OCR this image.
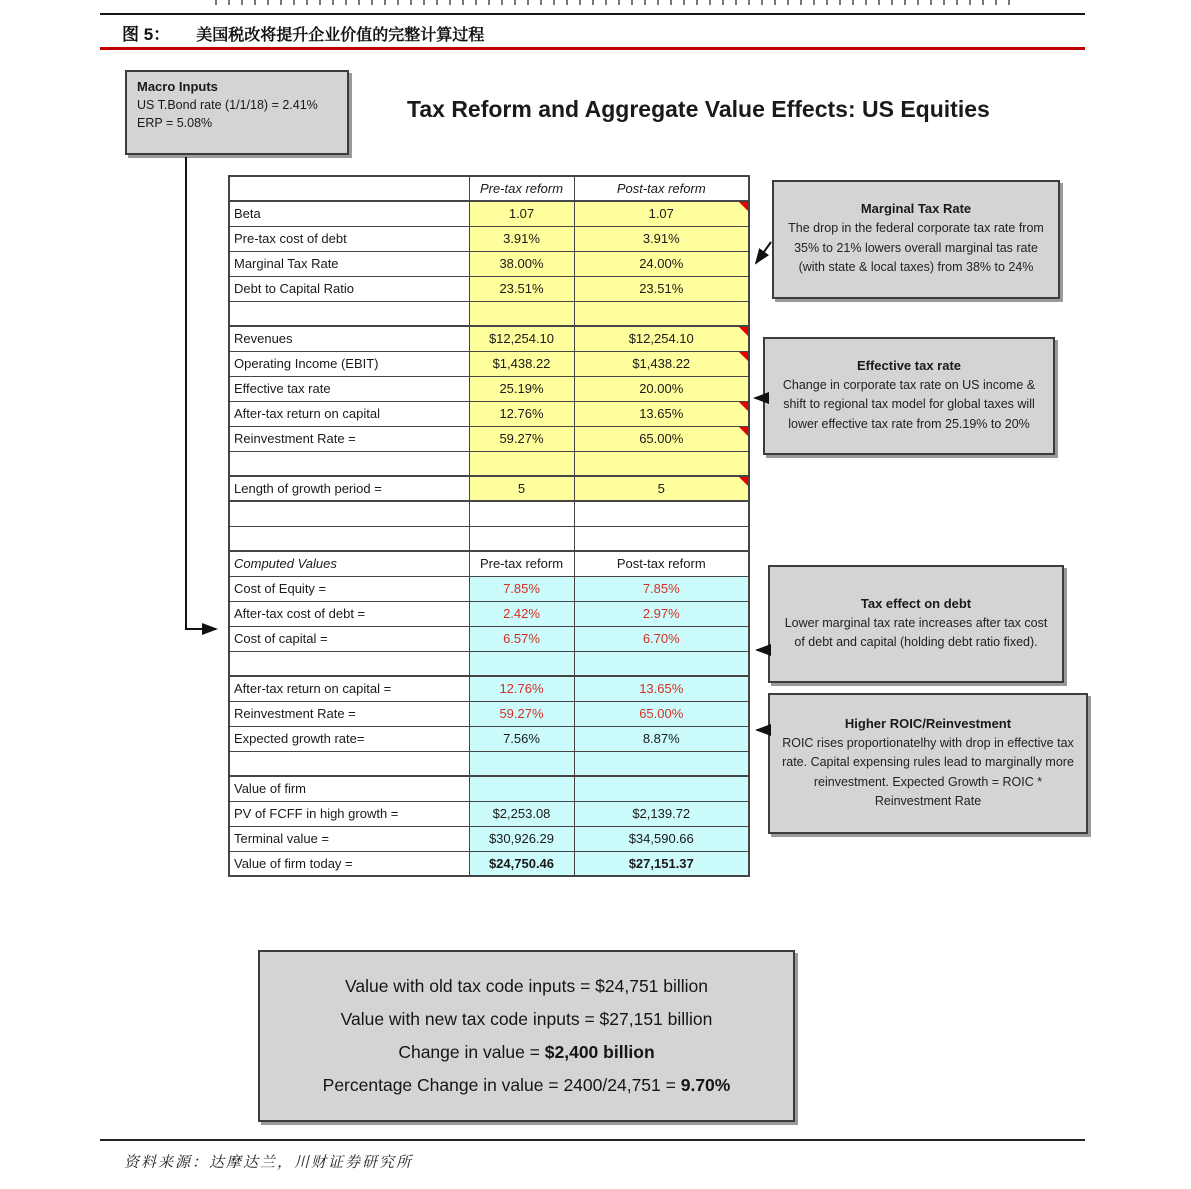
图 5： 美国税改将提升企业价值的完整计算过程
Macro Inputs
US T.Bond rate (1/1/18) = 2.41%
ERP = 5.08%
Tax Reform and Aggregate Value Effects: US Equities
	Pre-tax reform	Post-tax reform
Beta	1.07	1.07

Pre-tax cost of debt	3.91%	3.91%
Marginal Tax Rate	38.00%	24.00%
Debt to Capital Ratio	23.51%	23.51%

Revenues	$12,254.10	$12,254.10

Operating Income (EBIT)	$1,438.22	$1,438.22

Effective tax rate	25.19%	20.00%
After-tax return on capital	12.76%	13.65%

Reinvestment Rate =	59.27%	65.00%

Length of growth period =	5	5

Computed Values	Pre-tax reform	Post-tax reform
Cost of Equity =	7.85%	7.85%
After-tax cost of debt =	2.42%	2.97%
Cost of capital =	6.57%	6.70%

After-tax return on capital =	12.76%	13.65%
Reinvestment Rate =	59.27%	65.00%
Expected growth rate=	7.56%	8.87%

Value of firm		
PV of FCFF in high growth =	$2,253.08	$2,139.72
Terminal value =	$30,926.29	$34,590.66
Value of firm today =	$24,750.46	$27,151.37
Marginal Tax Rate
The drop in the federal corporate tax rate from 35% to 21% lowers overall marginal tas rate (with state & local taxes) from 38% to 24%
Effective tax rate
Change in corporate tax rate on US income & shift to regional tax model for global taxes will lower effective tax rate from 25.19% to 20%
Tax effect on debt
Lower marginal tax rate increases after tax cost of debt and capital (holding debt ratio fixed).
Higher ROIC/Reinvestment
ROIC rises proportionatelhy with drop in effective tax rate. Capital expensing rules lead to marginally more reinvestment. Expected Growth = ROIC * Reinvestment Rate
Value with old tax code inputs = $24,751 billion
Value with new tax code inputs = $27,151 billion
Change in value = $2,400 billion
Percentage Change in value = 2400/24,751 = 9.70%
资料来源：达摩达兰，川财证券研究所
